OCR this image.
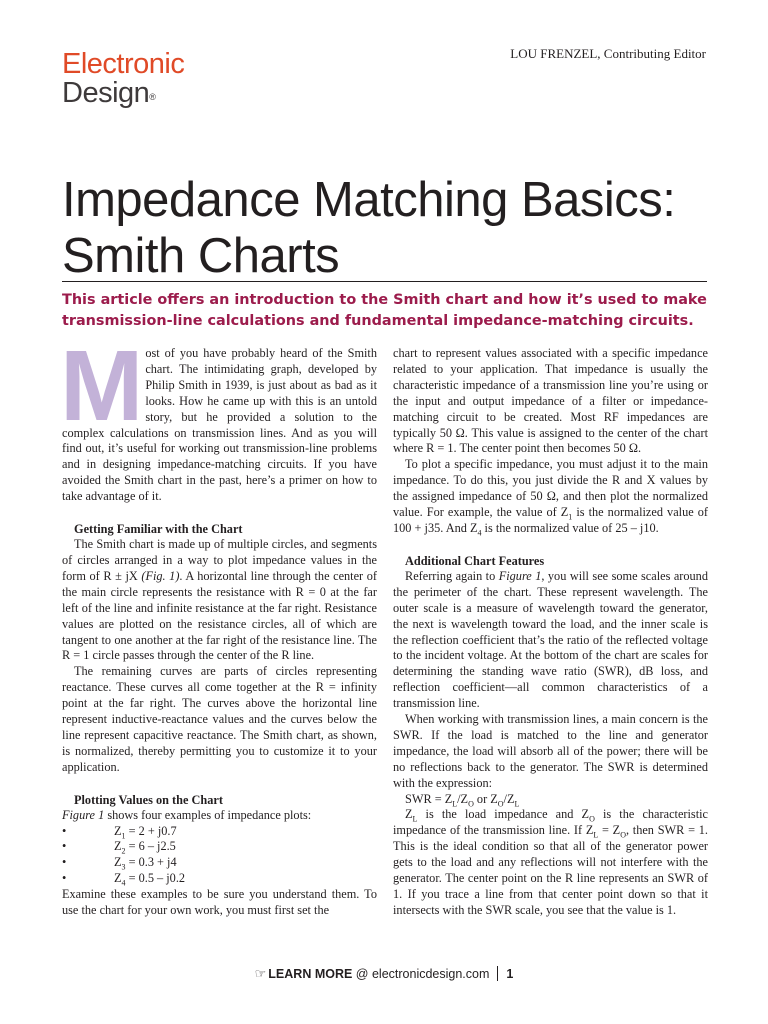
Electronic
Design®
LOU FRENZEL, Contributing Editor
Impedance Matching Basics: Smith Charts

This article offers an introduction to the Smith chart and how it’s used to make transmission-line calculations and fundamental impedance-matching circuits.

Most of you have probably heard of the Smith chart. The intimidating graph, developed by Philip Smith in 1939, is just about as bad as it looks. How he came up with this is an untold story, but he provided a solution to the complex calculations on transmission lines. And as you will find out, it’s useful for working out transmission-line problems and in designing impedance-matching circuits. If you have avoided the Smith chart in the past, here’s a primer on how to take advantage of it.

Getting Familiar with the Chart

The Smith chart is made up of multiple circles, and segments of circles arranged in a way to plot impedance values in the form of R ± jX (Fig. 1). A horizontal line through the center of the main circle represents the resistance with R = 0 at the far left of the line and infinite resistance at the far right. Resistance values are plotted on the resistance circles, all of which are tangent to one another at the far right of the resistance line. The R = 1 circle passes through the center of the R line.

The remaining curves are parts of circles representing reactance. These curves all come together at the R = infinity point at the far right. The curves above the horizontal line represent inductive-reactance values and the curves below the line represent capacitive reactance. The Smith chart, as shown, is normalized, thereby permitting you to customize it to your application.

Plotting Values on the Chart

Figure 1 shows four examples of impedance plots:

•	$Z_1 = 2 + j0.7$
•	$Z_2 = 6 - j2.5$
•	$Z_3 = 0.3 + j4$
•	$Z_4 = 0.5 - j0.2$

Examine these examples to be sure you understand them. To use the chart for your own work, you must first set the

chart to represent values associated with a specific impedance related to your application. That impedance is usually the characteristic impedance of a transmission line you’re using or the input and output impedance of a filter or impedance-matching circuit to be created. Most RF impedances are typically 50 Ω. This value is assigned to the center of the chart where R = 1. The center point then becomes 50 Ω.

To plot a specific impedance, you must adjust it to the main impedance. To do this, you just divide the R and X values by the assigned impedance of 50 Ω, and then plot the normalized value. For example, the value of $Z_1$ is the normalized value of 100 + j35. And $Z_4$ is the normalized value of 25 – j10.

Additional Chart Features

Referring again to Figure 1, you will see some scales around the perimeter of the chart. These represent wavelength. The outer scale is a measure of wavelength toward the generator, the next is wavelength toward the load, and the inner scale is the reflection coefficient that’s the ratio of the reflected voltage to the incident voltage. At the bottom of the chart are scales for determining the standing wave ratio (SWR), dB loss, and reflection coefficient—all common characteristics of a transmission line.

When working with transmission lines, a main concern is the SWR. If the load is matched to the line and generator impedance, the load will absorb all of the power; there will be no reflections back to the generator. The SWR is determined with the expression:

SWR = $Z_L/Z_O$ or $Z_O/Z_L$

$Z_L$ is the load impedance and $Z_O$ is the characteristic impedance of the transmission line. If $Z_L = Z_O$, then SWR = 1. This is the ideal condition so that all of the generator power gets to the load and any reflections will not interfere with the generator. The center point on the R line represents an SWR of 1. If you trace a line from that center point down so that it intersects with the SWR scale, you see that the value is 1.

☞ LEARN MORE @ electronicdesign.com 1
